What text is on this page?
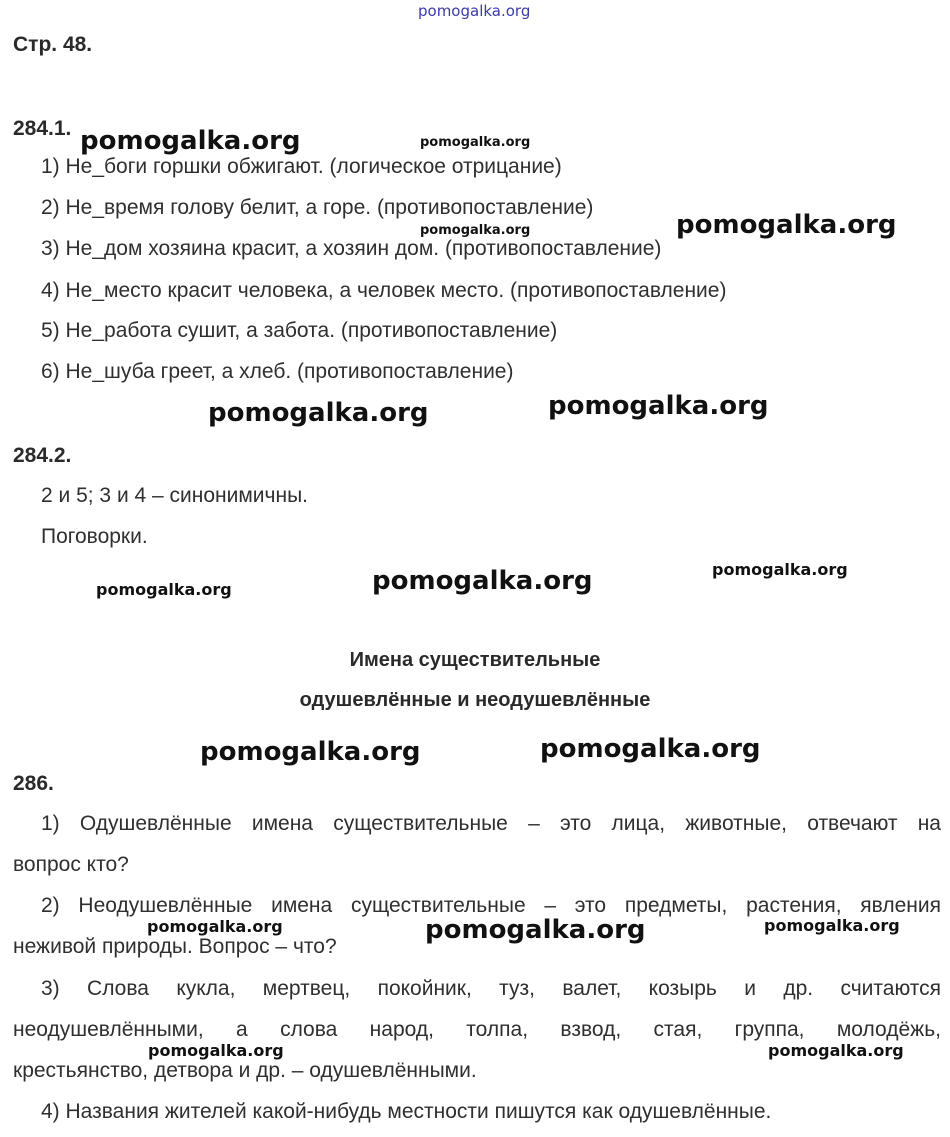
pomogalka.org
Стр. 48.
284.1.
1) Не_боги горшки обжигают. (логическое отрицание)
2) Не_время голову белит, а горе. (противопоставление)
3) Не_дом хозяина красит, а хозяин дом. (противопоставление)
4) Не_место красит человека, а человек место. (противопоставление)
5) Не_работа сушит, а забота. (противопоставление)
6) Не_шуба греет, а хлеб. (противопоставление)
284.2.
2 и 5; 3 и 4 – синонимичны.
Поговорки.
Имена существительные
одушевлённые и неодушевлённые
286.
1) Одушевлённые имена существительные – это лица, животные, отвечают на
вопрос кто?
2) Неодушевлённые имена существительные – это предметы, растения, явления
неживой природы. Вопрос – что?
3) Слова кукла, мертвец, покойник, туз, валет, козырь и др. считаются
неодушевлёнными, а слова народ, толпа, взвод, стая, группа, молодёжь,
крестьянство, детвора и др. – одушевлёнными.
4) Названия жителей какой-нибудь местности пишутся как одушевлённые.
pomogalka.org	pomogalka.org
pomogalka.org
pomogalka.org
pomogalka.org	pomogalka.org
pomogalka.org	pomogalka.org	pomogalka.org
pomogalka.org	pomogalka.org
pomogalka.org	pomogalka.org	pomogalka.org
pomogalka.org	pomogalka.org
